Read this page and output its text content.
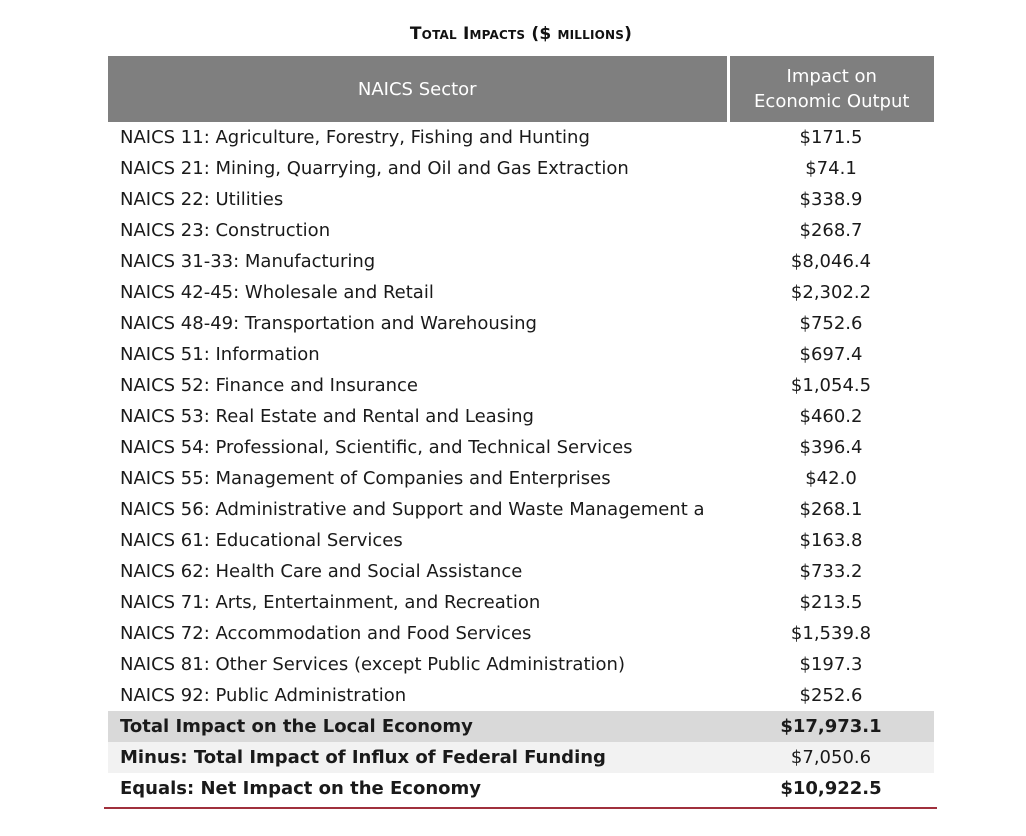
Total Impacts ($ millions)
NAICS Sector	Impact on
Economic Output
NAICS 11: Agriculture, Forestry, Fishing and Hunting	$171.5
NAICS 21: Mining, Quarrying, and Oil and Gas Extraction	$74.1
NAICS 22: Utilities	$338.9
NAICS 23: Construction	$268.7
NAICS 31-33: Manufacturing	$8,046.4
NAICS 42-45: Wholesale and Retail	$2,302.2
NAICS 48-49: Transportation and Warehousing	$752.6
NAICS 51: Information	$697.4
NAICS 52: Finance and Insurance	$1,054.5
NAICS 53: Real Estate and Rental and Leasing	$460.2
NAICS 54: Professional, Scientific, and Technical Services	$396.4
NAICS 55: Management of Companies and Enterprises	$42.0
NAICS 56: Administrative and Support and Waste Management a	$268.1
NAICS 61: Educational Services	$163.8
NAICS 62: Health Care and Social Assistance	$733.2
NAICS 71: Arts, Entertainment, and Recreation	$213.5
NAICS 72: Accommodation and Food Services	$1,539.8
NAICS 81: Other Services (except Public Administration)	$197.3
NAICS 92: Public Administration	$252.6
Total Impact on the Local Economy	$17,973.1
Minus: Total Impact of Influx of Federal Funding	$7,050.6
Equals: Net Impact on the Economy	$10,922.5
